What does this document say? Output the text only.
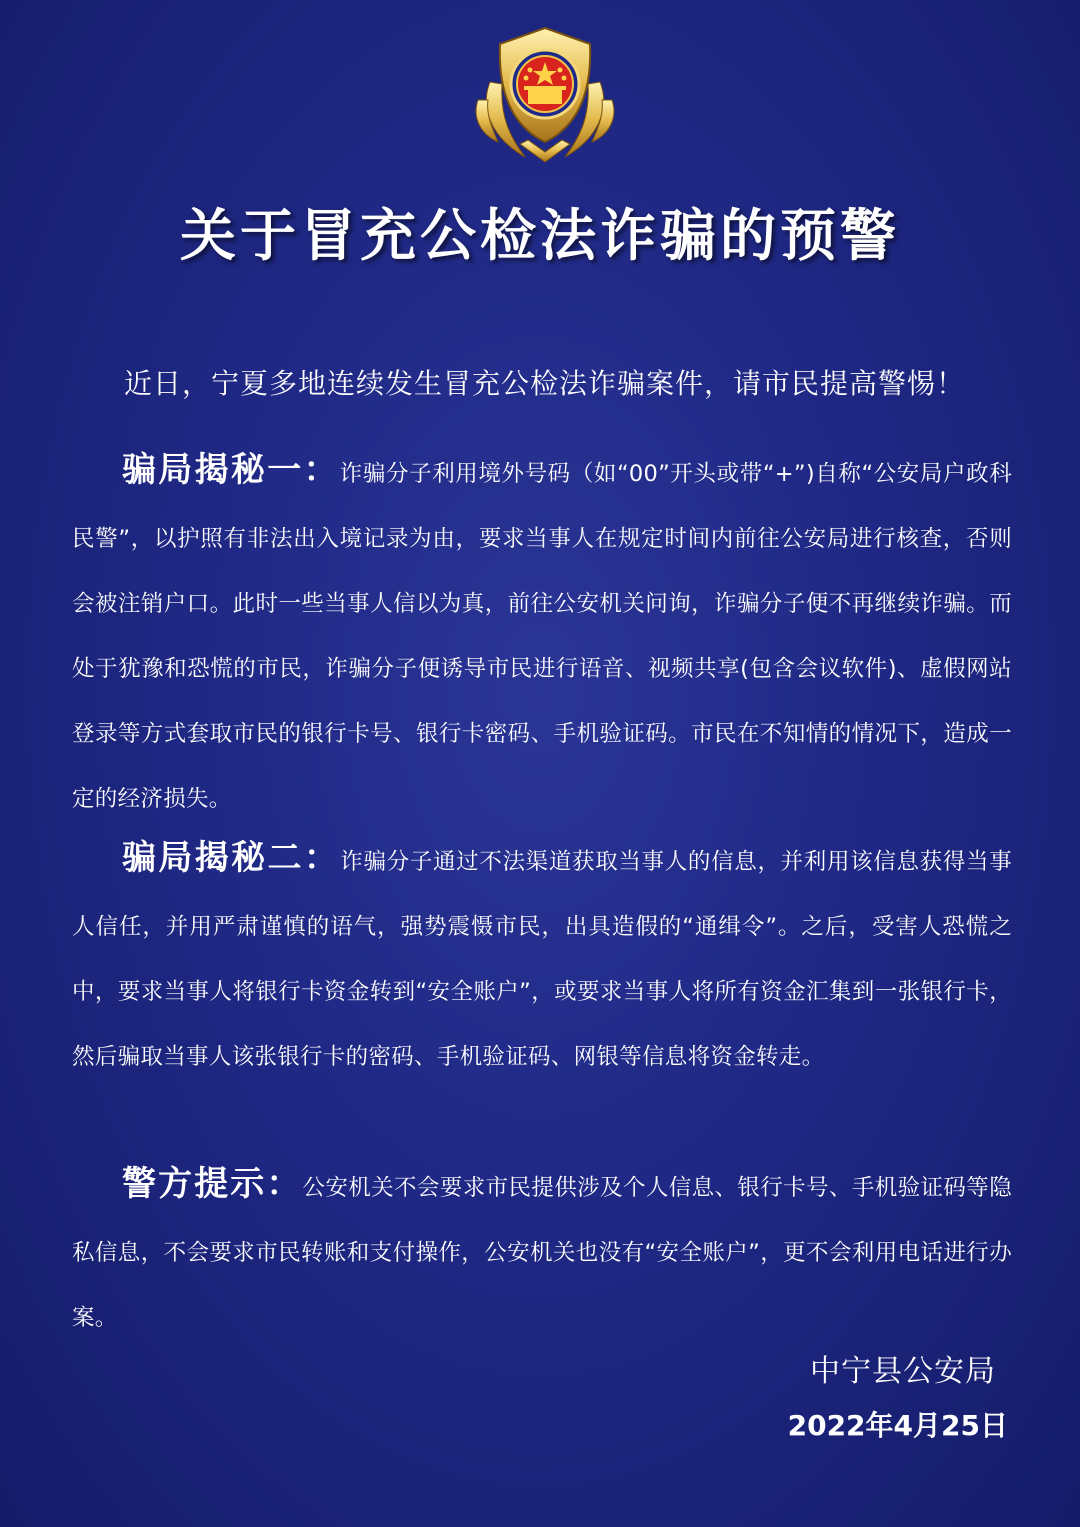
关于冒充公检法诈骗的预警
近日，宁夏多地连续发生冒充公检法诈骗案件，请市民提高警惕！
骗局揭秘一：诈骗分子利用境外号码（如“00”开头或带“+”)自称“公安局户政科民警”，以护照有非法出入境记录为由，要求当事人在规定时间内前往公安局进行核查，否则会被注销户口。此时一些当事人信以为真，前往公安机关问询，诈骗分子便不再继续诈骗。而处于犹豫和恐慌的市民，诈骗分子便诱导市民进行语音、视频共享(包含会议软件)、虚假网站登录等方式套取市民的银行卡号、银行卡密码、手机验证码。市民在不知情的情况下，造成一定的经济损失。
骗局揭秘二：诈骗分子通过不法渠道获取当事人的信息，并利用该信息获得当事人信任，并用严肃谨慎的语气，强势震慑市民，出具造假的“通缉令”。之后，受害人恐慌之中，要求当事人将银行卡资金转到“安全账户”，或要求当事人将所有资金汇集到一张银行卡，然后骗取当事人该张银行卡的密码、手机验证码、网银等信息将资金转走。
警方提示：公安机关不会要求市民提供涉及个人信息、银行卡号、手机验证码等隐私信息，不会要求市民转账和支付操作，公安机关也没有“安全账户”，更不会利用电话进行办案。
中宁县公安局
2022年4月25日
